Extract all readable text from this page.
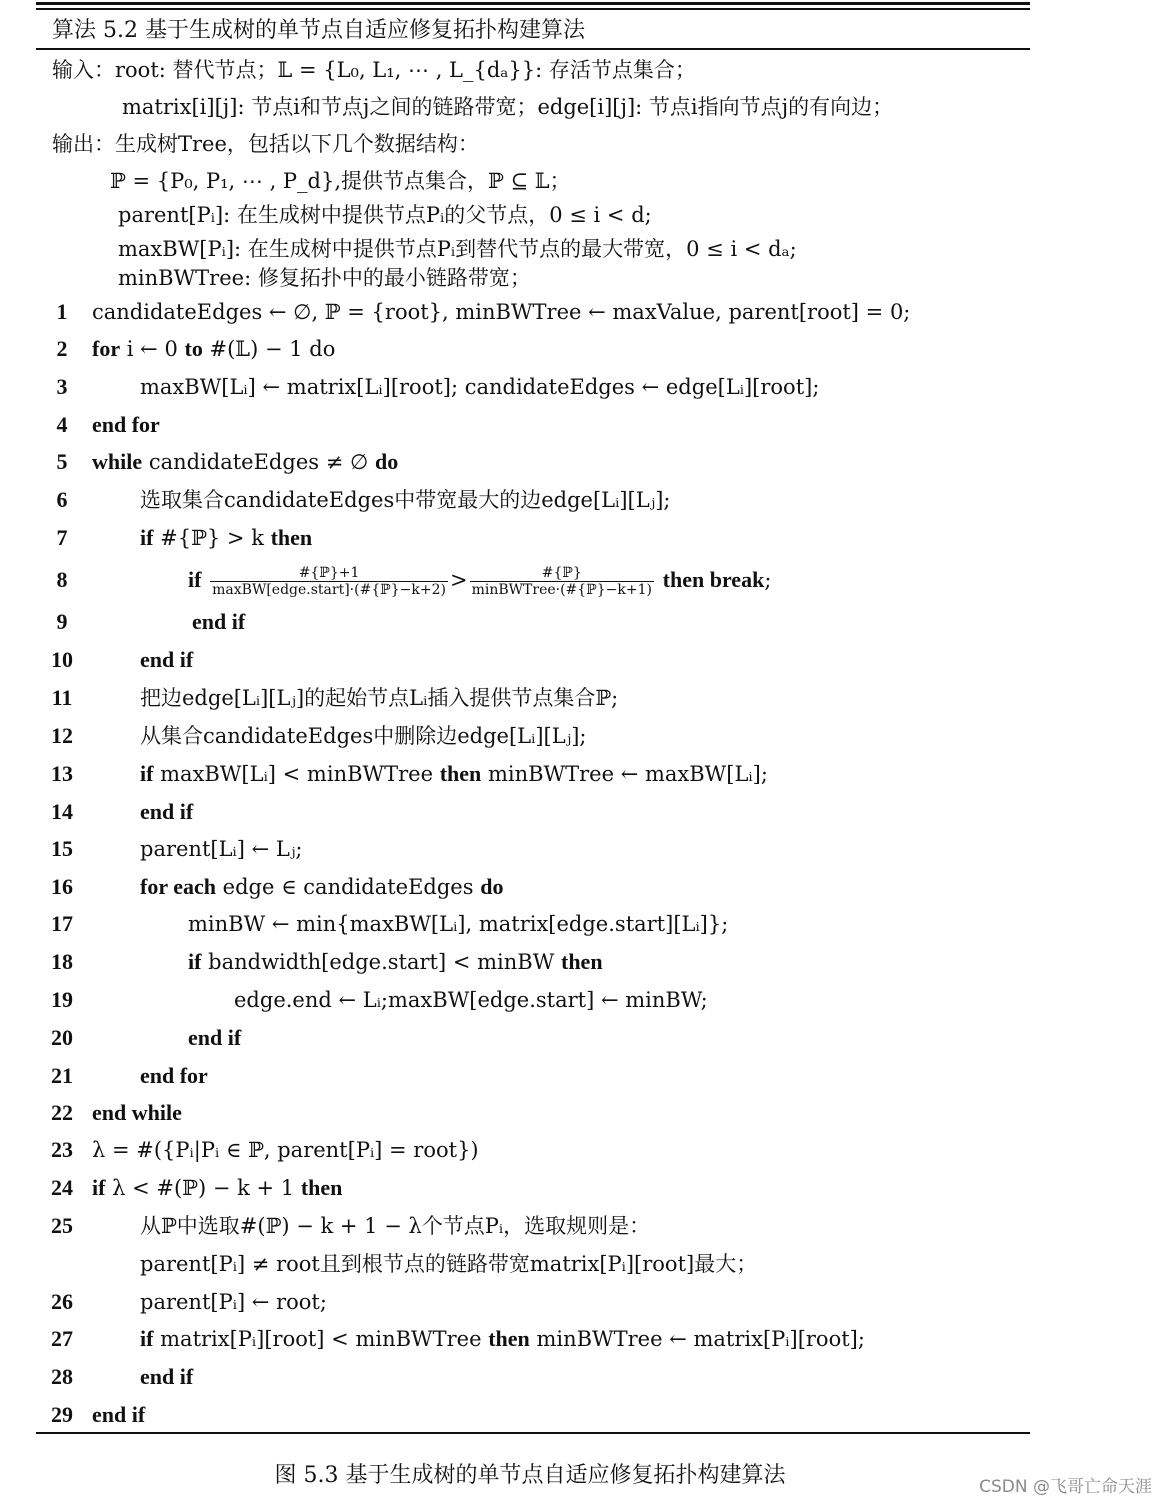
算法 5.2 基于生成树的单节点自适应修复拓扑构建算法
输入：root: 替代节点；𝕃 = {L₀, L₁, ⋯ , L_{dₐ}}: 存活节点集合；
matrix[i][j]: 节点i和节点j之间的链路带宽；edge[i][j]: 节点i指向节点j的有向边；
输出：生成树Tree，包括以下几个数据结构：
ℙ = {P₀, P₁, ⋯ , P_d},提供节点集合，ℙ ⊆ 𝕃；
parent[Pᵢ]: 在生成树中提供节点Pᵢ的父节点，0 ≤ i < d;
maxBW[Pᵢ]: 在生成树中提供节点Pᵢ到替代节点的最大带宽，0 ≤ i < dₐ;
minBWTree: 修复拓扑中的最小链路带宽；
1	candidateEdges ← ∅, ℙ = {root}, minBWTree ← maxValue, parent[root] = 0;
2	for i ← 0 to #(𝕃) − 1 do
3	maxBW[Lᵢ] ← matrix[Lᵢ][root]; candidateEdges ← edge[Lᵢ][root];
4	end for
5	while candidateEdges ≠ ∅ do
6	选取集合candidateEdges中带宽最大的边edge[Lᵢ][Lⱼ];
7	if #{ℙ} > k then
8	if $\frac{\text{\#\{ℙ\}+1}}{\text{maxBW[edge.start]·(\#\{ℙ\}−k+2)}} > \frac{\text{\#\{ℙ\}}}{\text{minBWTree·(\#\{ℙ\}−k+1)}}$ then break;
9	end if
10	end if
11	把边edge[Lᵢ][Lⱼ]的起始节点Lᵢ插入提供节点集合ℙ;
12	从集合candidateEdges中删除边edge[Lᵢ][Lⱼ];
13	if maxBW[Lᵢ] < minBWTree then minBWTree ← maxBW[Lᵢ];
14	end if
15	parent[Lᵢ] ← Lⱼ;
16	for each edge ∈ candidateEdges do
17	minBW ← min{maxBW[Lᵢ], matrix[edge.start][Lᵢ]};
18	if bandwidth[edge.start] < minBW then
19	edge.end ← Lᵢ;maxBW[edge.start] ← minBW;
20	end if
21	end for
22 end while
23 λ = #({Pᵢ|Pᵢ ∈ ℙ, parent[Pᵢ] = root})
24 if λ < #(ℙ) − k + 1 then
25	从ℙ中选取#(ℙ) − k + 1 − λ个节点Pᵢ，选取规则是：
parent[Pᵢ] ≠ root且到根节点的链路带宽matrix[Pᵢ][root]最大；
26	parent[Pᵢ] ← root;
27	if matrix[Pᵢ][root] < minBWTree then minBWTree ← matrix[Pᵢ][root];
28	end if
29 end if
图 5.3 基于生成树的单节点自适应修复拓扑构建算法	CSDN @飞哥亡命天涯
